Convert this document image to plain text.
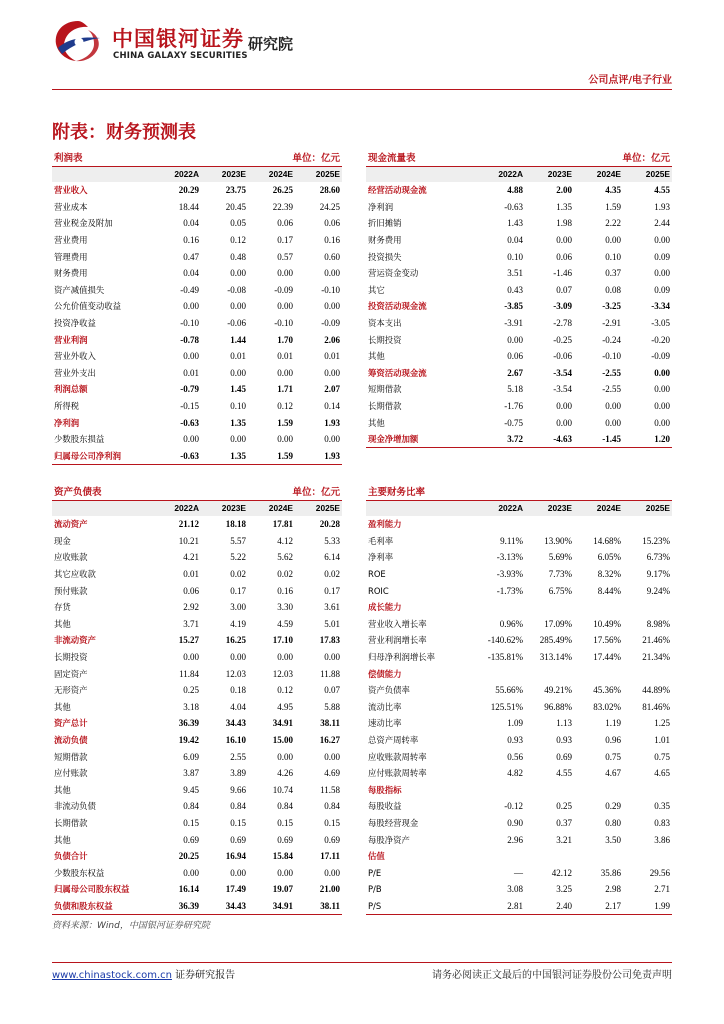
中国银河证券
CHINA GALAXY SECURITIES
研究院
公司点评/电子行业
附表：财务预测表
利润表	单位：亿元			
	2022A	2023E	2024E	2025E
营业收入	20.29	23.75	26.25	28.60
营业成本	18.44	20.45	22.39	24.25
营业税金及附加	0.04	0.05	0.06	0.06
营业费用	0.16	0.12	0.17	0.16
管理费用	0.47	0.48	0.57	0.60
财务费用	0.04	0.00	0.00	0.00
资产减值损失	-0.49	-0.08	-0.09	-0.10
公允价值变动收益	0.00	0.00	0.00	0.00
投资净收益	-0.10	-0.06	-0.10	-0.09
营业利润	-0.78	1.44	1.70	2.06
营业外收入	0.00	0.01	0.01	0.01
营业外支出	0.01	0.00	0.00	0.00
利润总额	-0.79	1.45	1.71	2.07
所得税	-0.15	0.10	0.12	0.14
净利润	-0.63	1.35	1.59	1.93
少数股东损益	0.00	0.00	0.00	0.00
归属母公司净利润	-0.63	1.35	1.59	1.93
现金流量表	单位：亿元			
	2022A	2023E	2024E	2025E
经营活动现金流	4.88	2.00	4.35	4.55
净利润	-0.63	1.35	1.59	1.93
折旧摊销	1.43	1.98	2.22	2.44
财务费用	0.04	0.00	0.00	0.00
投资损失	0.10	0.06	0.10	0.09
营运资金变动	3.51	-1.46	0.37	0.00
其它	0.43	0.07	0.08	0.09
投资活动现金流	-3.85	-3.09	-3.25	-3.34
资本支出	-3.91	-2.78	-2.91	-3.05
长期投资	0.00	-0.25	-0.24	-0.20
其他	0.06	-0.06	-0.10	-0.09
筹资活动现金流	2.67	-3.54	-2.55	0.00
短期借款	5.18	-3.54	-2.55	0.00
长期借款	-1.76	0.00	0.00	0.00
其他	-0.75	0.00	0.00	0.00
现金净增加额	3.72	-4.63	-1.45	1.20
资产负债表	单位：亿元			
	2022A	2023E	2024E	2025E
流动资产	21.12	18.18	17.81	20.28
现金	10.21	5.57	4.12	5.33
应收账款	4.21	5.22	5.62	6.14
其它应收款	0.01	0.02	0.02	0.02
预付账款	0.06	0.17	0.16	0.17
存货	2.92	3.00	3.30	3.61
其他	3.71	4.19	4.59	5.01
非流动资产	15.27	16.25	17.10	17.83
长期投资	0.00	0.00	0.00	0.00
固定资产	11.84	12.03	12.03	11.88
无形资产	0.25	0.18	0.12	0.07
其他	3.18	4.04	4.95	5.88
资产总计	36.39	34.43	34.91	38.11
流动负债	19.42	16.10	15.00	16.27
短期借款	6.09	2.55	0.00	0.00
应付账款	3.87	3.89	4.26	4.69
其他	9.45	9.66	10.74	11.58
非流动负债	0.84	0.84	0.84	0.84
长期借款	0.15	0.15	0.15	0.15
其他	0.69	0.69	0.69	0.69
负债合计	20.25	16.94	15.84	17.11
少数股东权益	0.00	0.00	0.00	0.00
归属母公司股东权益	16.14	17.49	19.07	21.00
负债和股东权益	36.39	34.43	34.91	38.11
主要财务比率				
	2022A	2023E	2024E	2025E
盈利能力				
毛利率	9.11%	13.90%	14.68%	15.23%
净利率	-3.13%	5.69%	6.05%	6.73%
ROE	-3.93%	7.73%	8.32%	9.17%
ROIC	-1.73%	6.75%	8.44%	9.24%
成长能力				
营业收入增长率	0.96%	17.09%	10.49%	8.98%
营业利润增长率	-140.62%	285.49%	17.56%	21.46%
归母净利润增长率	-135.81%	313.14%	17.44%	21.34%
偿债能力				
资产负债率	55.66%	49.21%	45.36%	44.89%
流动比率	125.51%	96.88%	83.02%	81.46%
速动比率	1.09	1.13	1.19	1.25
总资产周转率	0.93	0.93	0.96	1.01
应收账款周转率	0.56	0.69	0.75	0.75
应付账款周转率	4.82	4.55	4.67	4.65
每股指标				
每股收益	-0.12	0.25	0.29	0.35
每股经营现金	0.90	0.37	0.80	0.83
每股净资产	2.96	3.21	3.50	3.86
估值				
P/E	—	42.12	35.86	29.56
P/B	3.08	3.25	2.98	2.71
P/S	2.81	2.40	2.17	1.99
资料来源：Wind，中国银河证券研究院
www.chinastock.com.cn 证券研究报告	请务必阅读正文最后的中国银河证券股份公司免责声明
